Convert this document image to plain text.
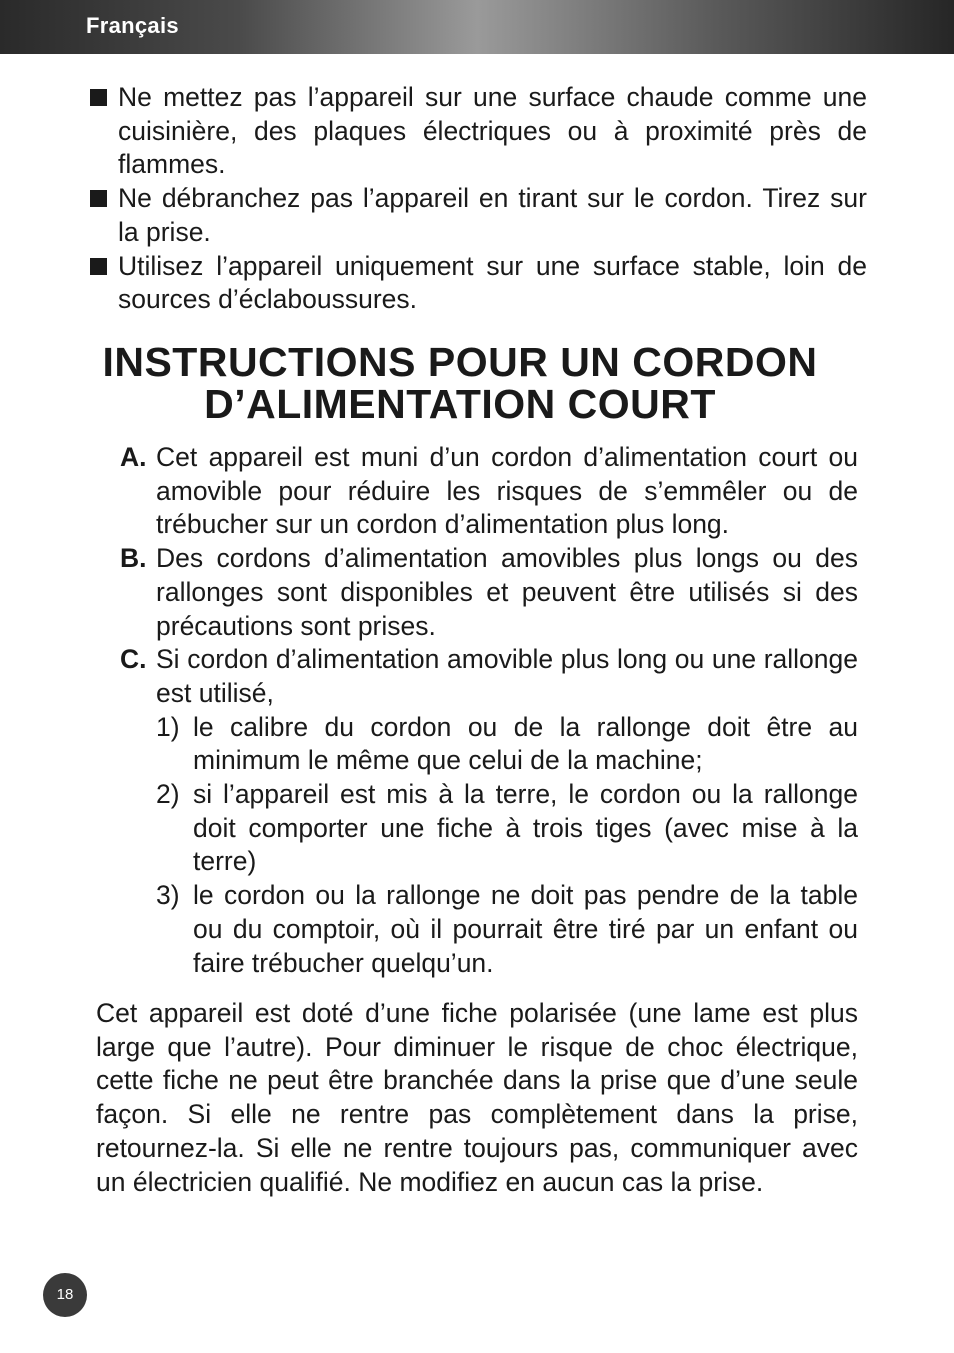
Français
Ne mettez pas l’appareil sur une surface chaude comme une cuisinière, des plaques électriques ou à proximité près de flammes.
Ne débranchez pas l’appareil en tirant sur le cordon. Tirez sur la prise.
Utilisez l’appareil uniquement sur une surface stable, loin de sources d’éclaboussures.
INSTRUCTIONS POUR UN CORDON
D’ALIMENTATION COURT
A. Cet appareil est muni d’un cordon d’alimentation court ou amovible pour réduire les risques de s’emmêler ou de trébucher sur un cordon d’alimentation plus long.
B. Des cordons d’alimentation amovibles plus longs ou des rallonges sont disponibles et peuvent être utilisés si des précautions sont prises.
C. Si cordon d’alimentation amovible plus long ou une rallonge est utilisé,
1) le calibre du cordon ou de la rallonge doit être au minimum le même que celui de la machine;
2) si l’appareil est mis à la terre, le cordon ou la rallonge doit comporter une fiche à trois tiges (avec mise à la terre)
3) le cordon ou la rallonge ne doit pas pendre de la table ou du comptoir, où il pourrait être tiré par un enfant ou faire trébucher quelqu’un.
Cet appareil est doté d’une fiche polarisée (une lame est plus large que l’autre). Pour diminuer le risque de choc électrique, cette fiche ne peut être branchée dans la prise que d’une seule façon. Si elle ne rentre pas complètement dans la prise, retournez-la. Si elle ne rentre toujours pas, communiquer avec un électricien qualifié. Ne modifiez en aucun cas la prise.
18
